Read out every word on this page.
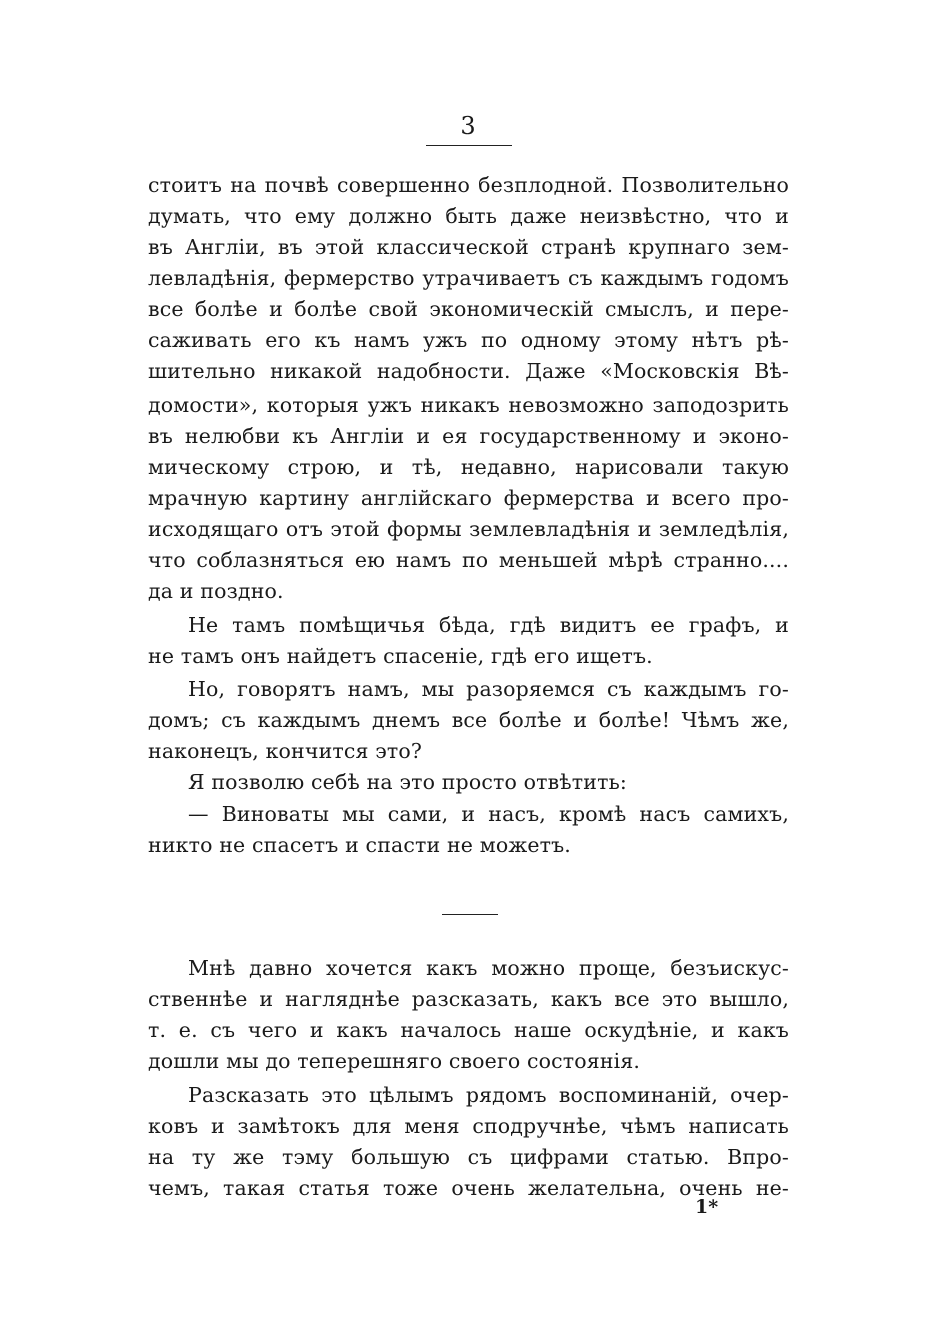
3
стоитъ на почвѣ совершенно безплодной. Позволительно
думать, что ему должно быть даже неизвѣстно, что и
въ Англіи, въ этой классической странѣ крупнаго зем-
левладѣнія, фермерство утрачиваетъ съ каждымъ годомъ
все болѣе и болѣе свой экономическій смыслъ, и пере-
саживать его къ намъ ужъ по одному этому нѣтъ рѣ-
шительно никакой надобности. Даже «Московскія Вѣ-
домости», которыя ужъ никакъ невозможно заподозрить
въ нелюбви къ Англіи и ея государственному и эконо-
мическому строю, и тѣ, недавно, нарисовали такую
мрачную картину англійскаго фермерства и всего про-
исходящаго отъ этой формы землевладѣнія и земледѣлія,
что соблазняться ею намъ по меньшей мѣрѣ странно....
да и поздно.
Не тамъ помѣщичья бѣда, гдѣ видитъ ее графъ, и
не тамъ онъ найдетъ спасеніе, гдѣ его ищетъ.
Но, говорятъ намъ, мы разоряемся съ каждымъ го-
домъ; съ каждымъ днемъ все болѣе и болѣе! Чѣмъ же,
наконецъ, кончится это?
Я позволю себѣ на это просто отвѣтить:
— Виноваты мы сами, и насъ, кромѣ насъ самихъ,
никто не спасетъ и спасти не можетъ.
Мнѣ давно хочется какъ можно проще, безъискус-
ственнѣе и нагляднѣе разсказать, какъ все это вышло,
т. е. съ чего и какъ началось наше оскудѣніе, и какъ
дошли мы до теперешняго своего состоянія.
Разсказать это цѣлымъ рядомъ воспоминаній, очер-
ковъ и замѣтокъ для меня сподручнѣе, чѣмъ написать
на ту же тэму большую съ цифрами статью. Впро-
чемъ, такая статья тоже очень желательна, очень не-
1*
